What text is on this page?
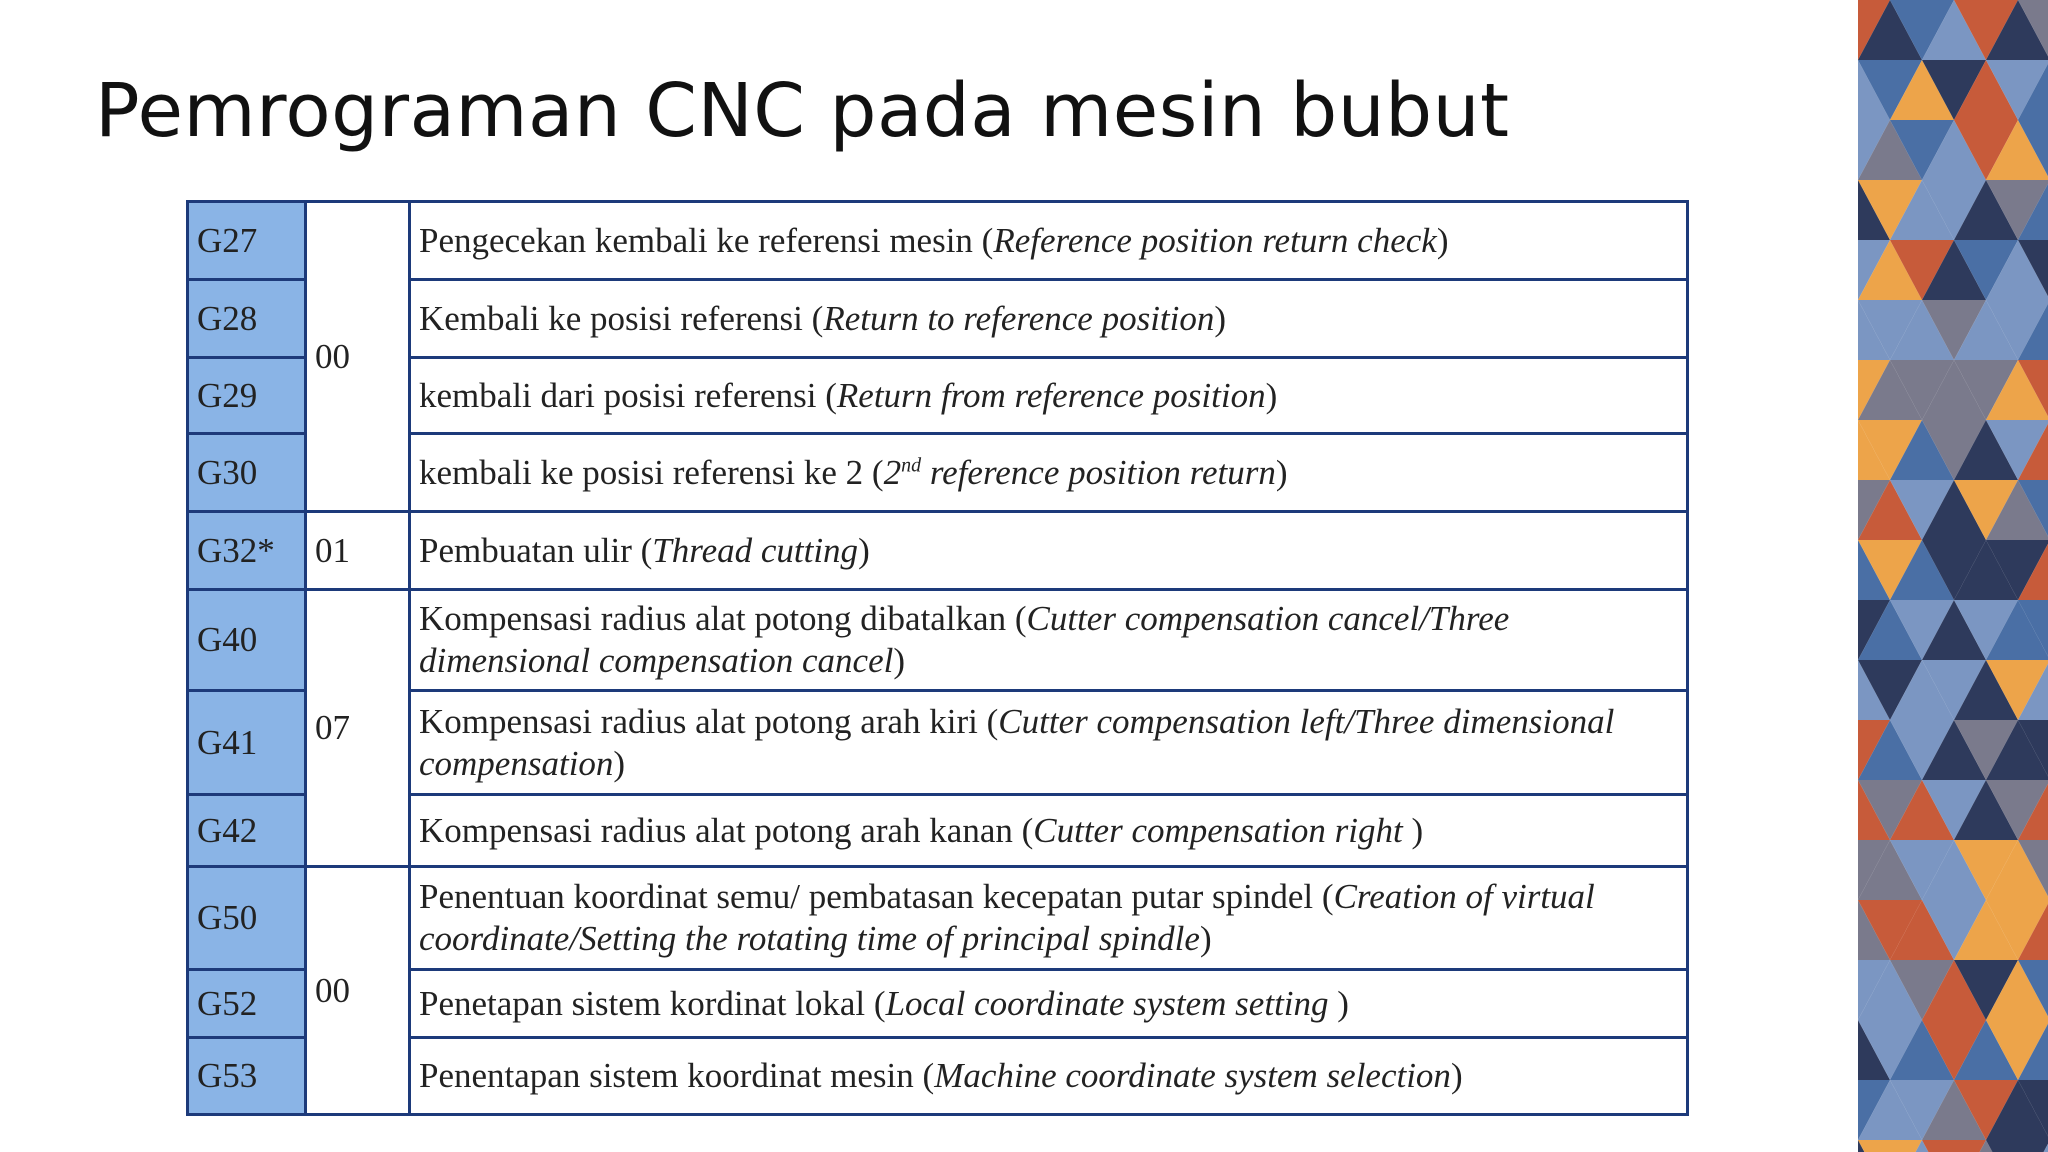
Pemrograman CNC pada mesin bubut
G27	00	Pengecekan kembali ke referensi mesin (Reference position return check)
G28		Kembali ke posisi referensi (Return to reference position)
G29		kembali dari posisi referensi (Return from reference position)
G30		kembali ke posisi referensi ke 2 (2nd reference position return)
G32*	01	Pembuatan ulir (Thread cutting)
G40	07	Kompensasi radius alat potong dibatalkan (Cutter compensation cancel/Three dimensional compensation cancel)
G41		Kompensasi radius alat potong arah kiri (Cutter compensation left/Three dimensional compensation)
G42		Kompensasi radius alat potong arah kanan (Cutter compensation right )
G50	00	Penentuan koordinat semu/ pembatasan kecepatan putar spindel (Creation of virtual coordinate/Setting the rotating time of principal spindle)
G52		Penetapan sistem kordinat lokal (Local coordinate system setting )
G53		Penentapan sistem koordinat mesin (Machine coordinate system selection)
